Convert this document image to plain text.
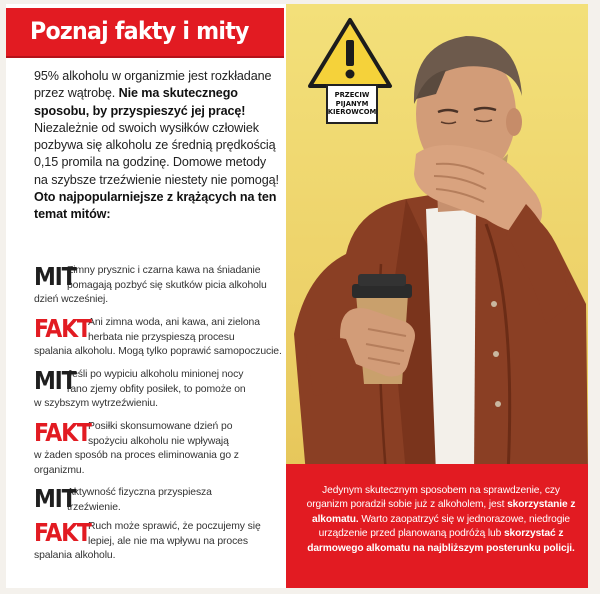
Poznaj fakty i mity
95% alkoholu w organizmie jest rozkładane przez wątrobę. Nie ma skutecznego sposobu, by przyspieszyć jej pracę! Niezależnie od swoich wysiłków człowiek pozbywa się alkoholu ze średnią prędkością 0,15 promila na godzinę. Domowe metody na szybsze trzeźwienie niestety nie pomogą! Oto najpopularniejsze z krążących na ten temat mitów:
MIT
Zimny prysznic i czarna kawa na śniadanie
pomagają pozbyć się skutków picia alkoholu
dzień wcześniej.
FAKT
Ani zimna woda, ani kawa, ani zielona
herbata nie przyspieszą procesu
spalania alkoholu. Mogą tylko poprawić samopoczucie.
MIT
Jeśli po wypiciu alkoholu minionej nocy
rano zjemy obfity posiłek, to pomoże on
w szybszym wytrzeźwieniu.
FAKT
Posiłki skonsumowane dzień po
spożyciu alkoholu nie wpływają
w żaden sposób na proces eliminowania go z organizmu.
MIT
Aktywność fizyczna przyspiesza
trzeźwienie.
FAKT
Ruch może sprawić, że poczujemy się
lepiej, ale nie ma wpływu na proces
spalania alkoholu.
PRZECIW
PIJANYM
KIEROWCOM

Jedynym skutecznym sposobem na sprawdzenie, czy organizm poradził sobie już z alkoholem, jest skorzystanie z alkomatu. Warto zaopatrzyć się w jednorazowe, niedrogie urządzenie przed planowaną podróżą lub skorzystać z darmowego alkomatu na najbliższym posterunku policji.
